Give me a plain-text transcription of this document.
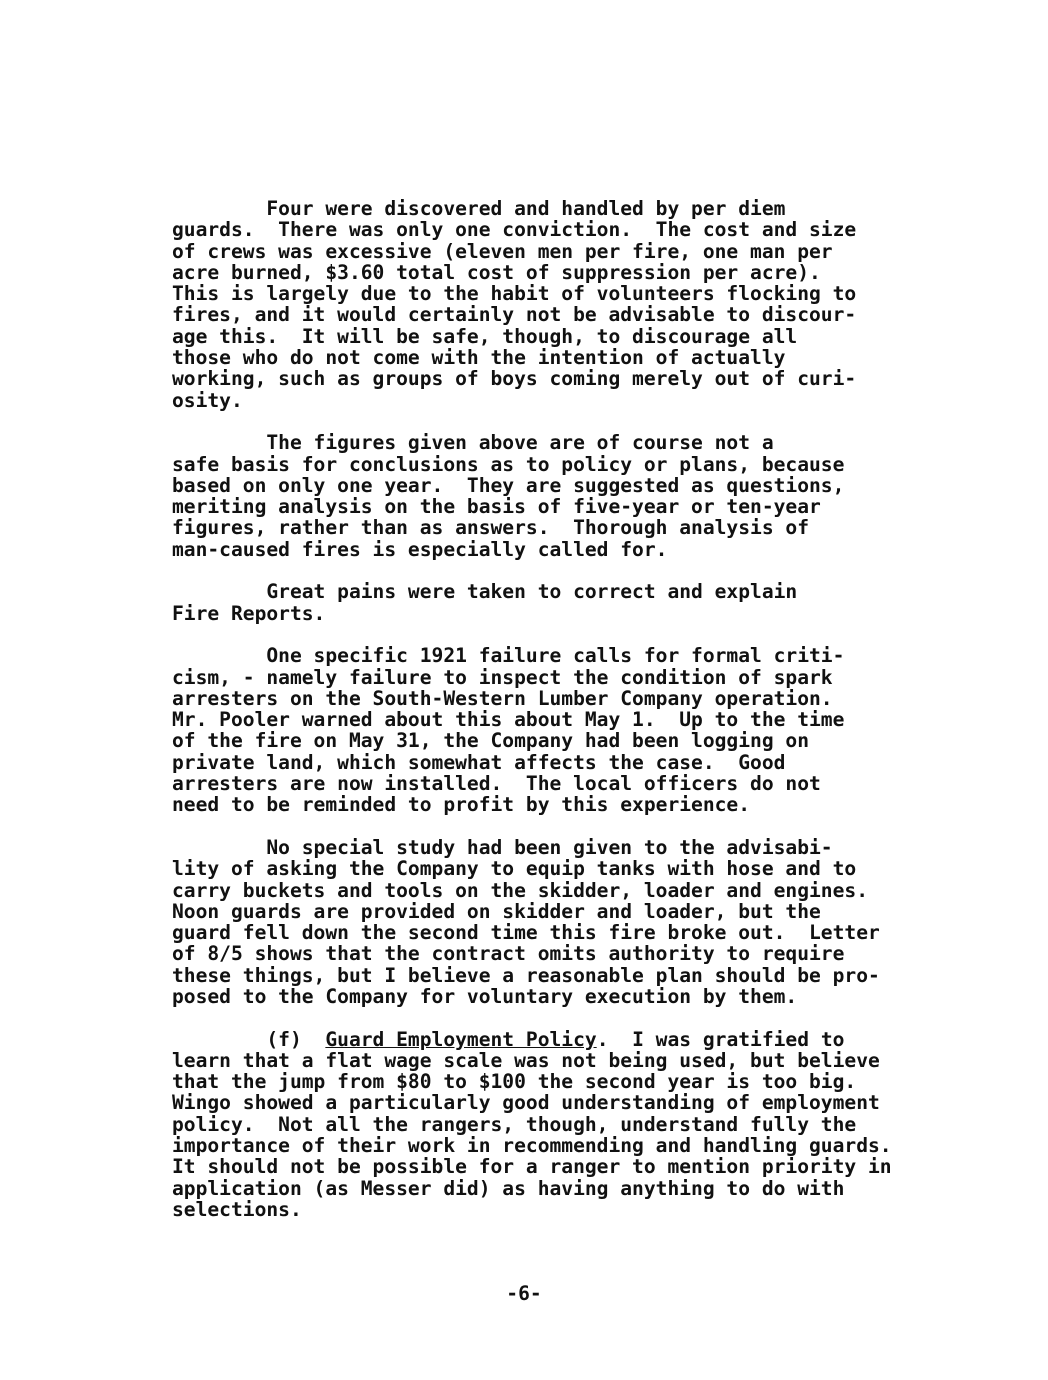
Four were discovered and handled by per diem
guards.  There was only one conviction.  The cost and size
of crews was excessive (eleven men per fire, one man per
acre burned, $3.60 total cost of suppression per acre).
This is largely due to the habit of volunteers flocking to
fires, and it would certainly not be advisable to discour-
age this.  It will be safe, though, to discourage all
those who do not come with the intention of actually
working, such as groups of boys coming merely out of curi-
osity.

The figures given above are of course not a
safe basis for conclusions as to policy or plans, because
based on only one year.  They are suggested as questions,
meriting analysis on the basis of five-year or ten-year
figures, rather than as answers.  Thorough analysis of
man-caused fires is especially called for.

Great pains were taken to correct and explain
Fire Reports.

One specific 1921 failure calls for formal criti-
cism, - namely failure to inspect the condition of spark
arresters on the South-Western Lumber Company operation.
Mr. Pooler warned about this about May 1.  Up to the time
of the fire on May 31, the Company had been logging on
private land, which somewhat affects the case.  Good
arresters are now installed.  The local officers do not
need to be reminded to profit by this experience.

No special study had been given to the advisabi-
lity of asking the Company to equip tanks with hose and to
carry buckets and tools on the skidder, loader and engines.
Noon guards are provided on skidder and loader, but the
guard fell down the second time this fire broke out.  Letter
of 8/5 shows that the contract omits authority to require
these things, but I believe a reasonable plan should be pro-
posed to the Company for voluntary execution by them.

(f)  Guard Employment Policy.  I was gratified to
learn that a flat wage scale was not being used, but believe
that the jump from $80 to $100 the second year is too big.
Wingo showed a particularly good understanding of employment
policy.  Not all the rangers, though, understand fully the
importance of their work in recommending and handling guards.
It should not be possible for a ranger to mention priority in
application (as Messer did) as having anything to do with
selections.

-6-
